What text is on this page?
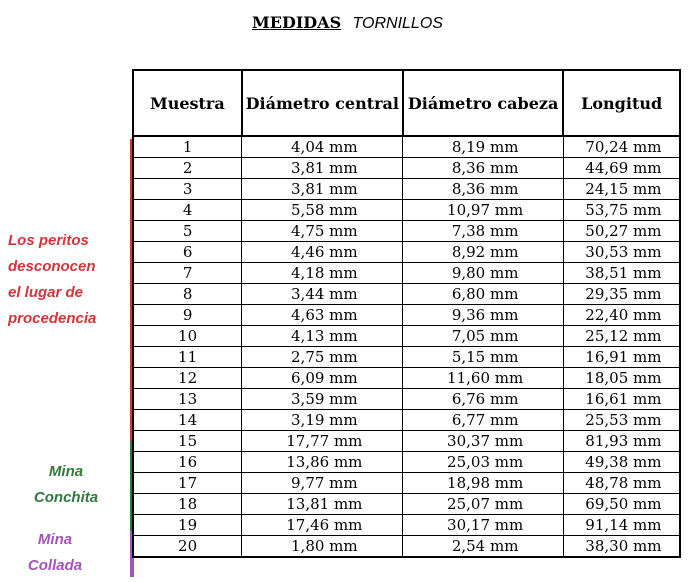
MEDIDAS TORNILLOS
Los peritos
desconocen
el lugar de
procedencia
Mina
Conchita
Mina
Collada
Muestra	Diámetro central	Diámetro cabeza	Longitud
1	4,04 mm	8,19 mm	70,24 mm
2	3,81 mm	8,36 mm	44,69 mm
3	3,81 mm	8,36 mm	24,15 mm
4	5,58 mm	10,97 mm	53,75 mm
5	4,75 mm	7,38 mm	50,27 mm
6	4,46 mm	8,92 mm	30,53 mm
7	4,18 mm	9,80 mm	38,51 mm
8	3,44 mm	6,80 mm	29,35 mm
9	4,63 mm	9,36 mm	22,40 mm
10	4,13 mm	7,05 mm	25,12 mm
11	2,75 mm	5,15 mm	16,91 mm
12	6,09 mm	11,60 mm	18,05 mm
13	3,59 mm	6,76 mm	16,61 mm
14	3,19 mm	6,77 mm	25,53 mm
15	17,77 mm	30,37 mm	81,93 mm
16	13,86 mm	25,03 mm	49,38 mm
17	9,77 mm	18,98 mm	48,78 mm
18	13,81 mm	25,07 mm	69,50 mm
19	17,46 mm	30,17 mm	91,14 mm
20	1,80 mm	2,54 mm	38,30 mm
